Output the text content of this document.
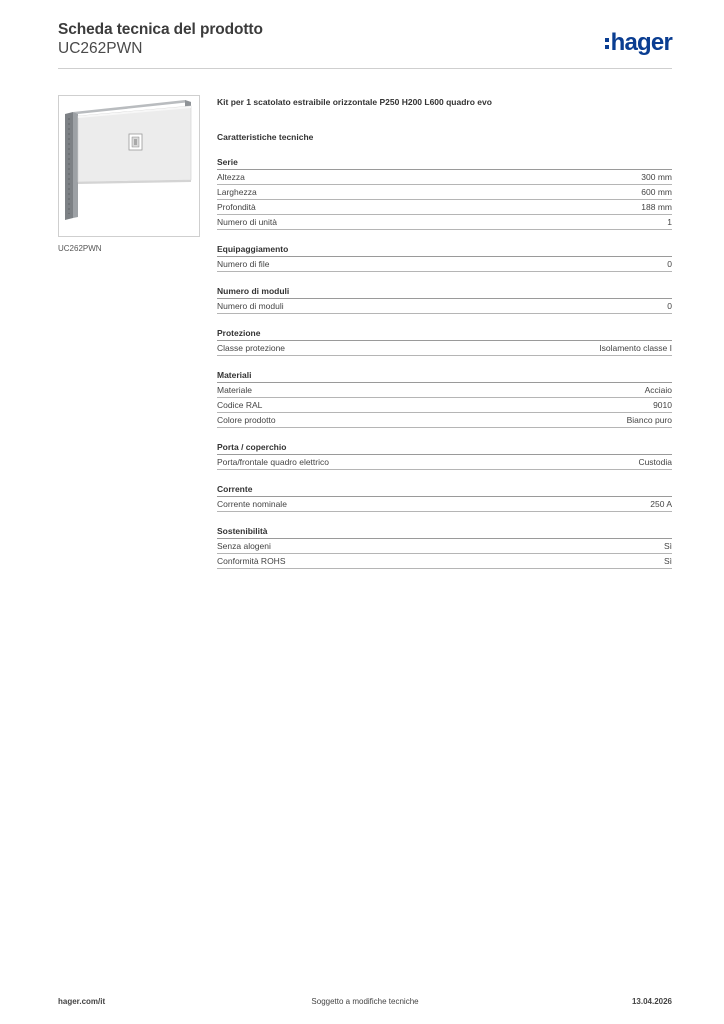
Scheda tecnica del prodotto
UC262PWN	hager
UC262PWN
Kit per 1 scatolato estraibile orizzontale P250 H200 L600 quadro evo
Caratteristiche tecniche
Serie
Altezza	300 mm
Larghezza	600 mm
Profondità	188 mm
Numero di unità	1
Equipaggiamento
Numero di file	0
Numero di moduli
Numero di moduli	0
Protezione
Classe protezione	Isolamento classe I
Materiali
Materiale	Acciaio
Codice RAL	9010
Colore prodotto	Bianco puro
Porta / coperchio
Porta/frontale quadro elettrico	Custodia
Corrente
Corrente nominale	250 A
Sostenibilità
Senza alogeni	Sì
Conformità ROHS	Sì
hager.com/it	Soggetto a modifiche tecniche	13.04.2026
